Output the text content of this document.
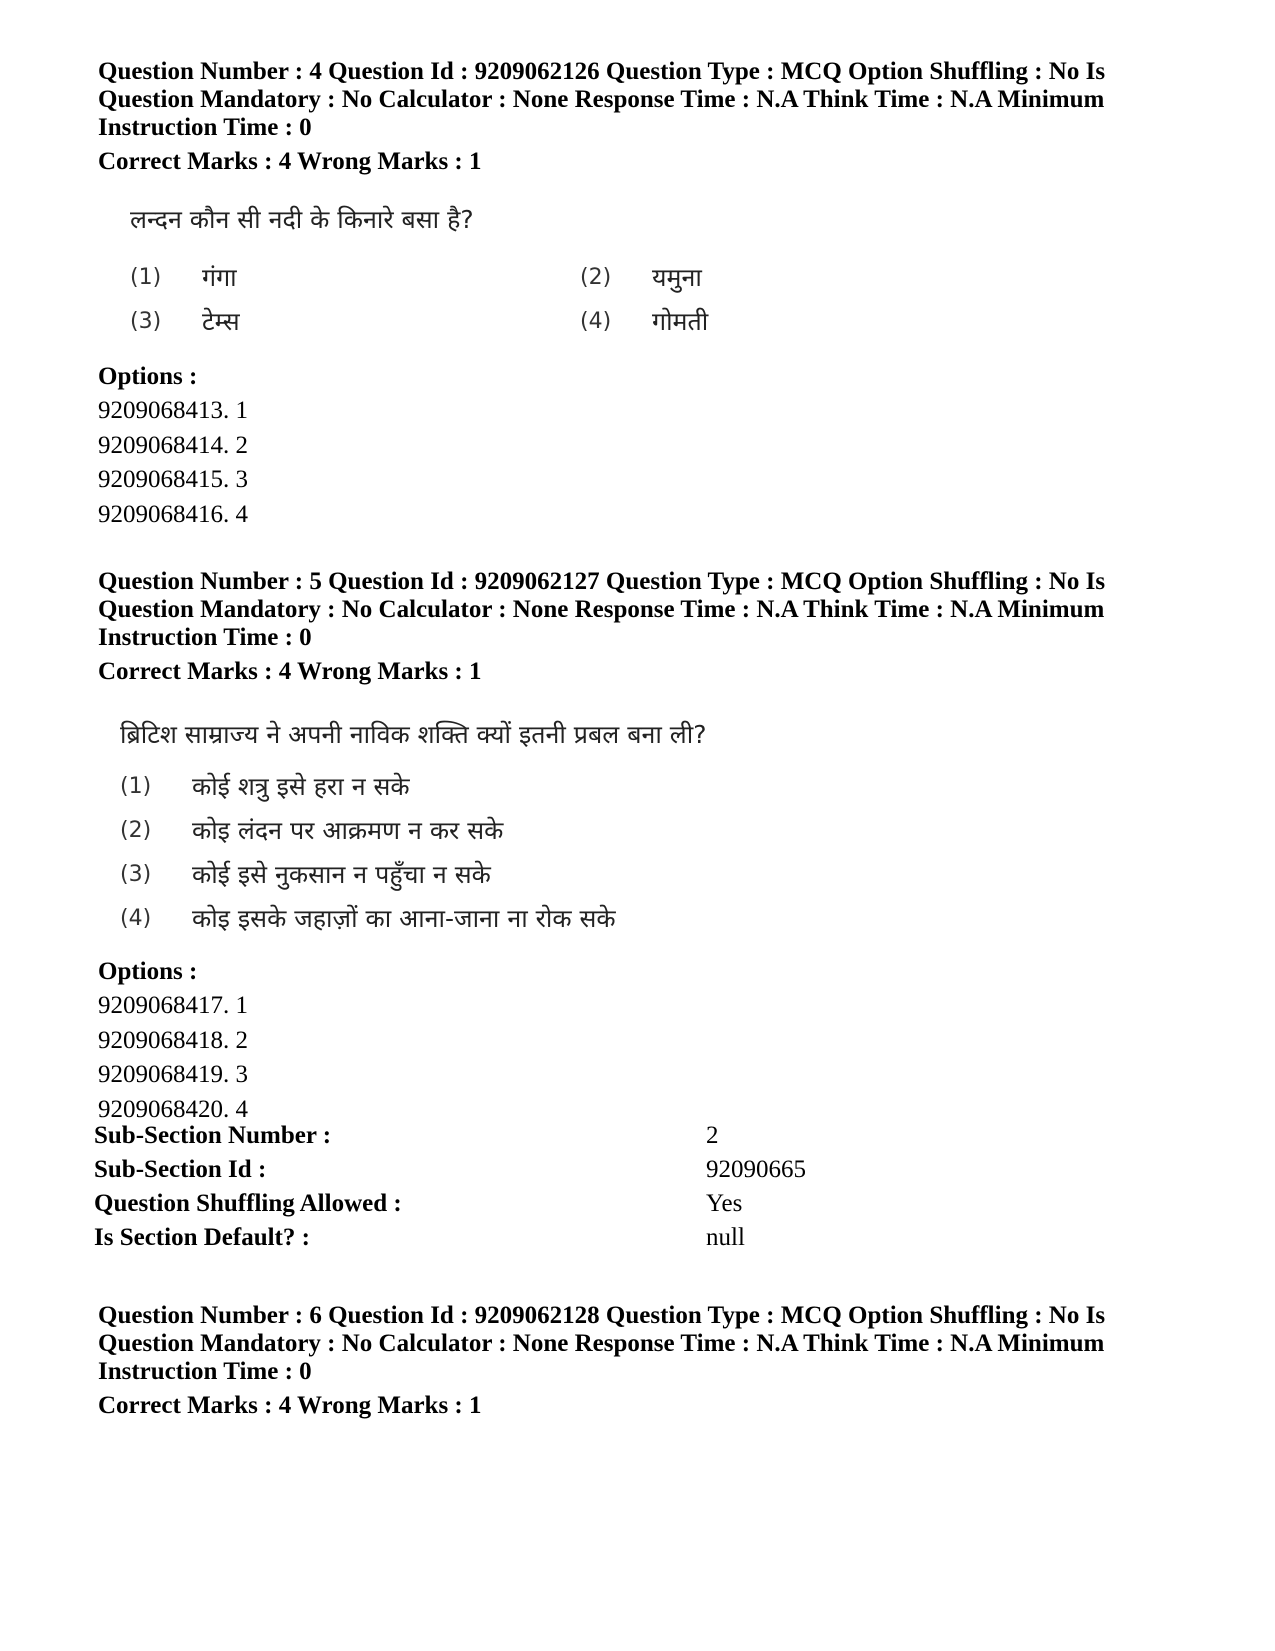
Question Number : 4 Question Id : 9209062126 Question Type : MCQ Option Shuffling : No Is
Question Mandatory : No Calculator : None Response Time : N.A Think Time : N.A Minimum
Instruction Time : 0
Correct Marks : 4 Wrong Marks : 1
लन्दन कौन सी नदी के किनारे बसा है?
(1)	गंगा	(2)	यमुना
(3)	टेम्स	(4)	गोमती
Options :
9209068413. 1
9209068414. 2
9209068415. 3
9209068416. 4
Question Number : 5 Question Id : 9209062127 Question Type : MCQ Option Shuffling : No Is
Question Mandatory : No Calculator : None Response Time : N.A Think Time : N.A Minimum
Instruction Time : 0
Correct Marks : 4 Wrong Marks : 1
ब्रिटिश साम्राज्य ने अपनी नाविक शक्ति क्यों इतनी प्रबल बना ली?
(1)	कोई शत्रु इसे हरा न सके
(2)	कोइ लंदन पर आक्रमण न कर सके
(3)	कोई इसे नुकसान न पहुँचा न सके
(4)	कोइ इसके जहाज़ों का आना-जाना ना रोक सके
Options :
9209068417. 1
9209068418. 2
9209068419. 3
9209068420. 4
Sub-Section Number :	2
Sub-Section Id :	92090665
Question Shuffling Allowed :	Yes
Is Section Default? :	null
Question Number : 6 Question Id : 9209062128 Question Type : MCQ Option Shuffling : No Is
Question Mandatory : No Calculator : None Response Time : N.A Think Time : N.A Minimum
Instruction Time : 0
Correct Marks : 4 Wrong Marks : 1
